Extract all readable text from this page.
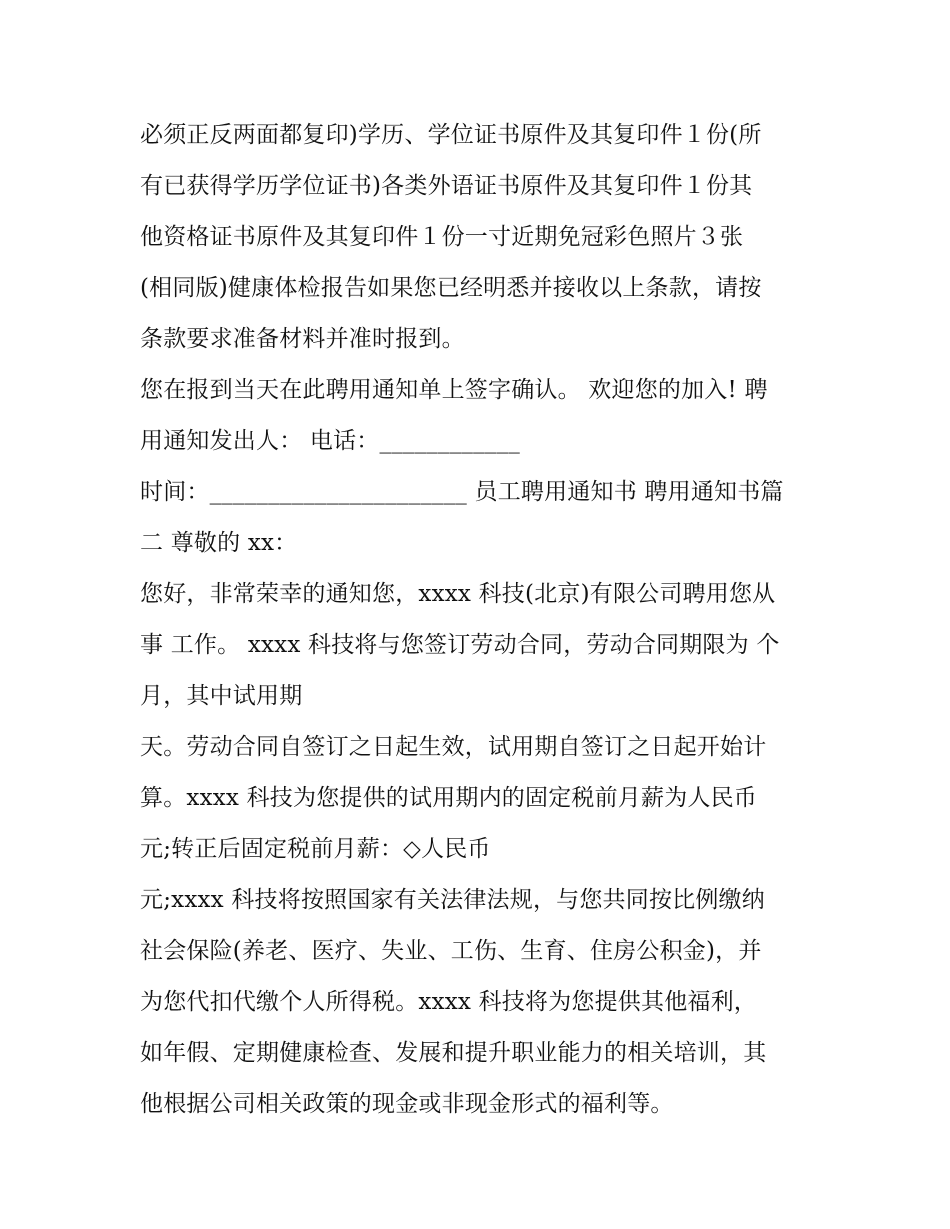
必须正反两面都复印)学历、学位证书原件及其复印件１份(所
有已获得学历学位证书)各类外语证书原件及其复印件１份其
他资格证书原件及其复印件１份一寸近期免冠彩色照片３张
(相同版)健康体检报告如果您已经明悉并接收以上条款，请按
条款要求准备材料并准时报到。
您在报到当天在此聘用通知单上签字确认。 欢迎您的加入! 聘
用通知发出人： 电话：____________
时间：______________________ 员工聘用通知书 聘用通知书篇
二 尊敬的 xx：
您好，非常荣幸的通知您，xxxx 科技(北京)有限公司聘用您从
事 工作。 xxxx 科技将与您签订劳动合同，劳动合同期限为 个
月，其中试用期
天。劳动合同自签订之日起生效，试用期自签订之日起开始计
算。xxxx 科技为您提供的试用期内的固定税前月薪为人民币
元;转正后固定税前月薪：◇人民币
元;xxxx 科技将按照国家有关法律法规，与您共同按比例缴纳
社会保险(养老、医疗、失业、工伤、生育、住房公积金)，并
为您代扣代缴个人所得税。xxxx 科技将为您提供其他福利，
如年假、定期健康检查、发展和提升职业能力的相关培训，其
他根据公司相关政策的现金或非现金形式的福利等。
